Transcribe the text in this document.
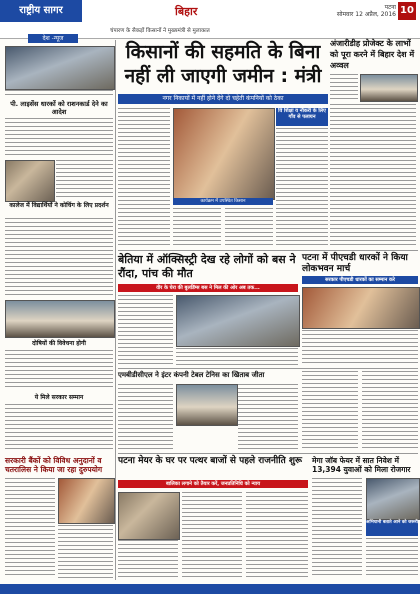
राष्ट्रीय सागर	बिहार	पटना
सोमवार 12 अप्रैल, 2016 10
चंपारण के सैकड़ों किसानों ने मुख्यमंत्री से मुलाकात
देश -न्यूज
पी. लाइसेंस धारकों को राशनकार्ड देने का आदेश
कालेज में विद्यार्थियों ने कोचिंग के लिए प्रदर्शन
दोषियों की विवेचना होगी
ये मिले सरकार सम्मान
सरकारी बैंकों को विविध अनुदानों व चतरालिस ने किया जा रहा दुरुपयोग
किसानों की सहमति के बिना नहीं ली जाएगी जमीन : मंत्री
नगर निकायों में नहीं होने देंगे दो चहेती कंपनियों को ठेका
कार्यक्रम में उपस्थित किसान
वि शिक्षा व नौकरी के लिए गाँव से पलायन
अंजारीडीह प्रोजेक्ट के लाभों को पूरा करने में बिहार देश में अव्वल
बेतिया में ऑक्सिस्ट्री देख रहे लोगों को बस ने रौंदा, पांच की मौत
वीर के घेरा की बुलडिंग्स बस ने मिल की ओर अब तक...
पटना में पीएचडी धारकों ने किया लोकभवन मार्च
सरकार पीएचडी धारकों का सम्मान करे
एमबीडीसीएल ने इंटर कंपनी टेबल टेनिस का खिताब जीता
पटना मेयर के घर पर पत्थर बाजों से पहले राजनीति शुरू
बालिका लगाने को तैयार करें, जनप्रतिनिधि को न्याय
मेगा जॉब फेयर में सात निवेश में 13,394 युवाओं को मिला रोजगार
अभियानी बताते आने को जरूरी
